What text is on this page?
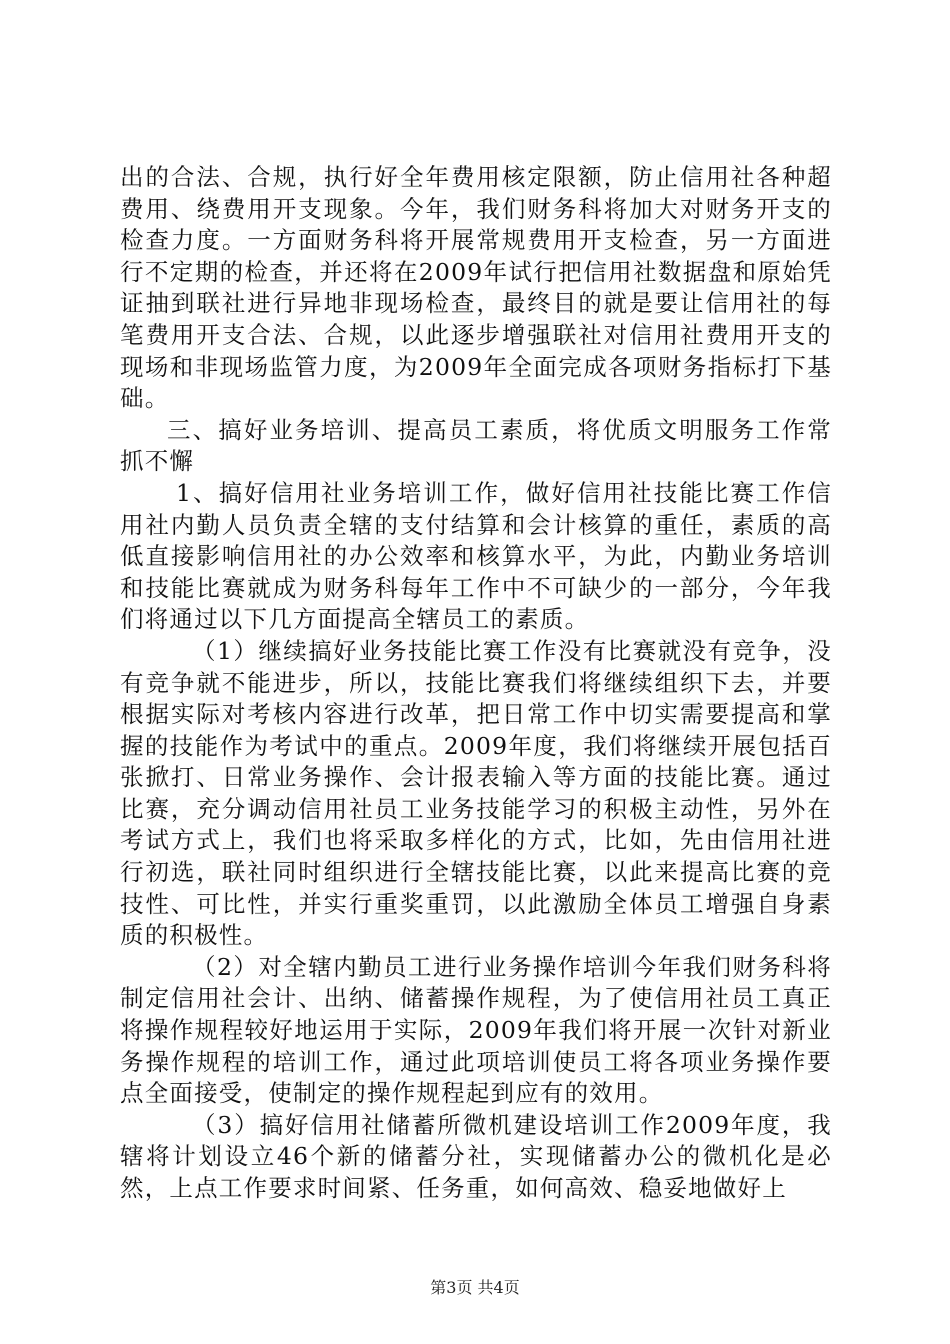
出的合法、合规，执行好全年费用核定限额，防止信用社各种超费用、绕费用开支现象。今年，我们财务科将加大对财务开支的检查力度。一方面财务科将开展常规费用开支检查，另一方面进行不定期的检查，并还将在2009年试行把信用社数据盘和原始凭证抽到联社进行异地非现场检查，最终目的就是要让信用社的每笔费用开支合法、合规，以此逐步增强联社对信用社费用开支的现场和非现场监管力度，为2009年全面完成各项财务指标打下基础。

三、搞好业务培训、提高员工素质，将优质文明服务工作常抓不懈

1、搞好信用社业务培训工作，做好信用社技能比赛工作信用社内勤人员负责全辖的支付结算和会计核算的重任，素质的高低直接影响信用社的办公效率和核算水平，为此，内勤业务培训和技能比赛就成为财务科每年工作中不可缺少的一部分，今年我们将通过以下几方面提高全辖员工的素质。

（1）继续搞好业务技能比赛工作没有比赛就没有竞争，没有竞争就不能进步，所以，技能比赛我们将继续组织下去，并要根据实际对考核内容进行改革，把日常工作中切实需要提高和掌握的技能作为考试中的重点。2009年度，我们将继续开展包括百张掀打、日常业务操作、会计报表输入等方面的技能比赛。通过比赛，充分调动信用社员工业务技能学习的积极主动性，另外在考试方式上，我们也将采取多样化的方式，比如，先由信用社进行初选，联社同时组织进行全辖技能比赛，以此来提高比赛的竞技性、可比性，并实行重奖重罚，以此激励全体员工增强自身素质的积极性。

（2）对全辖内勤员工进行业务操作培训今年我们财务科将制定信用社会计、出纳、储蓄操作规程，为了使信用社员工真正将操作规程较好地运用于实际，2009年我们将开展一次针对新业务操作规程的培训工作，通过此项培训使员工将各项业务操作要点全面接受，使制定的操作规程起到应有的效用。

（3）搞好信用社储蓄所微机建设培训工作2009年度，我辖将计划设立46个新的储蓄分社，实现储蓄办公的微机化是必然，上点工作要求时间紧、任务重，如何高效、稳妥地做好上

第3页 共4页
